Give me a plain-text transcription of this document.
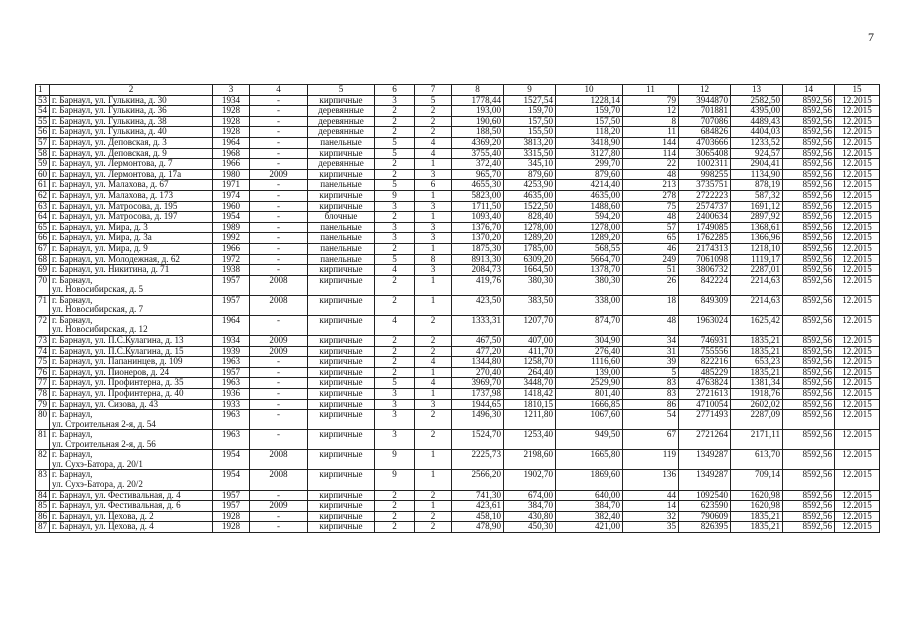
7
1	2	3	4	5	6	7	8	9	10	11	12	13	14	15
53	г. Барнаул, ул. Гулькина, д. 30	1934	-	кирпичные	3	5	1778,44	1527,54	1228,14	79	3944870	2582,50	8592,56	12.2015
54	г. Барнаул, ул. Гулькина, д. 36	1928	-	деревянные	2	2	193,00	159,70	159,70	12	701881	4395,00	8592,56	12.2015
55	г. Барнаул, ул. Гулькина, д. 38	1928	-	деревянные	2	2	190,60	157,50	157,50	8	707086	4489,43	8592,56	12.2015
56	г. Барнаул, ул. Гулькина, д. 40	1928	-	деревянные	2	2	188,50	155,50	118,20	11	684826	4404,03	8592,56	12.2015
57	г. Барнаул, ул. Деповская, д. 3	1964	-	панельные	5	4	4369,20	3813,20	3418,90	144	4703666	1233,52	8592,56	12.2015
58	г. Барнаул, ул. Деповская, д. 9	1968	-	кирпичные	5	4	3755,40	3315,50	3127,80	114	3065408	924,57	8592,56	12.2015
59	г. Барнаул, ул. Лермонтова, д. 7	1966	-	деревянные	2	1	372,40	345,10	299,70	22	1002311	2904,41	8592,56	12.2015
60	г. Барнаул, ул. Лермонтова, д. 17а	1980	2009	кирпичные	2	3	965,70	879,60	879,60	48	998255	1134,90	8592,56	12.2015
61	г. Барнаул, ул. Малахова, д. 67	1971	-	панельные	5	6	4655,30	4253,90	4214,40	213	3735751	878,19	8592,56	12.2015
62	г. Барнаул, ул. Малахова, д. 173	1974	-	кирпичные	9	1	5823,00	4635,00	4635,00	278	2722223	587,32	8592,56	12.2015
63	г. Барнаул, ул. Матросова, д. 195	1960	-	кирпичные	3	3	1711,50	1522,50	1488,60	75	2574737	1691,12	8592,56	12.2015
64	г. Барнаул, ул. Матросова, д. 197	1954	-	блочные	2	1	1093,40	828,40	594,20	48	2400634	2897,92	8592,56	12.2015
65	г. Барнаул, ул. Мира, д. 3	1989	-	панельные	3	3	1376,70	1278,00	1278,00	57	1749085	1368,61	8592,56	12.2015
66	г. Барнаул, ул. Мира, д. 3а	1992	-	панельные	3	3	1370,20	1289,20	1289,20	65	1762285	1366,96	8592,56	12.2015
67	г. Барнаул, ул. Мира, д. 9	1966	-	панельные	2	1	1875,30	1785,00	568,55	46	2174313	1218,10	8592,56	12.2015
68	г. Барнаул, ул. Молодежная, д. 62	1972	-	панельные	5	8	8913,30	6309,20	5664,70	249	7061098	1119,17	8592,56	12.2015
69	г. Барнаул, ул. Никитина, д. 71	1938	-	кирпичные	4	3	2084,73	1664,50	1378,70	51	3806732	2287,01	8592,56	12.2015
70	г. Барнаул,
ул. Новосибирская, д. 5	1957	2008	кирпичные	2	1	419,76	380,30	380,30	26	842224	2214,63	8592,56	12.2015
71	г. Барнаул,
ул. Новосибирская, д. 7	1957	2008	кирпичные	2	1	423,50	383,50	338,00	18	849309	2214,63	8592,56	12.2015
72	г. Барнаул,
ул. Новосибирская, д. 12	1964	-	кирпичные	4	2	1333,31	1207,70	874,70	48	1963024	1625,42	8592,56	12.2015
73	г. Барнаул, ул. П.С.Кулагина, д. 13	1934	2009	кирпичные	2	2	467,50	407,00	304,90	34	746931	1835,21	8592,56	12.2015
74	г. Барнаул, ул. П.С.Кулагина, д. 15	1939	2009	кирпичные	2	2	477,20	411,70	276,40	31	755556	1835,21	8592,56	12.2015
75	г. Барнаул, ул. Папанинцев, д. 109	1963	-	кирпичные	2	4	1344,80	1258,70	1116,60	39	822216	653,23	8592,56	12.2015
76	г. Барнаул, ул. Пионеров, д. 24	1957	-	кирпичные	2	1	270,40	264,40	139,00	5	485229	1835,21	8592,56	12.2015
77	г. Барнаул, ул. Профинтерна, д. 35	1963	-	кирпичные	5	4	3969,70	3448,70	2529,90	83	4763824	1381,34	8592,56	12.2015
78	г. Барнаул, ул. Профинтерна, д. 40	1936	-	кирпичные	3	1	1737,98	1418,42	801,40	83	2721613	1918,76	8592,56	12.2015
79	г. Барнаул, ул. Сизова, д. 43	1933	-	кирпичные	3	3	1944,65	1810,15	1666,85	86	4710054	2602,02	8592,56	12.2015
80	г. Барнаул,
ул. Строительная 2-я, д. 54	1963	-	кирпичные	3	2	1496,30	1211,80	1067,60	54	2771493	2287,09	8592,56	12.2015
81	г. Барнаул,
ул. Строительная 2-я, д. 56	1963	-	кирпичные	3	2	1524,70	1253,40	949,50	67	2721264	2171,11	8592,56	12.2015
82	г. Барнаул,
ул. Сухэ-Батора, д. 20/1	1954	2008	кирпичные	9	1	2225,73	2198,60	1665,80	119	1349287	613,70	8592,56	12.2015
83	г. Барнаул,
ул. Сухэ-Батора, д. 20/2	1954	2008	кирпичные	9	1	2566,20	1902,70	1869,60	136	1349287	709,14	8592,56	12.2015
84	г. Барнаул, ул. Фестивальная, д. 4	1957	-	кирпичные	2	2	741,30	674,00	640,00	44	1092540	1620,98	8592,56	12.2015
85	г. Барнаул, ул. Фестивальная, д. 6	1957	2009	кирпичные	2	1	423,61	384,70	384,70	14	623590	1620,98	8592,56	12.2015
86	г. Барнаул, ул. Цехова, д. 2	1928	-	кирпичные	2	2	458,10	430,80	382,40	32	790609	1835,21	8592,56	12.2015
87	г. Барнаул, ул. Цехова, д. 4	1928	-	кирпичные	2	2	478,90	450,30	421,00	35	826395	1835,21	8592,56	12.2015
